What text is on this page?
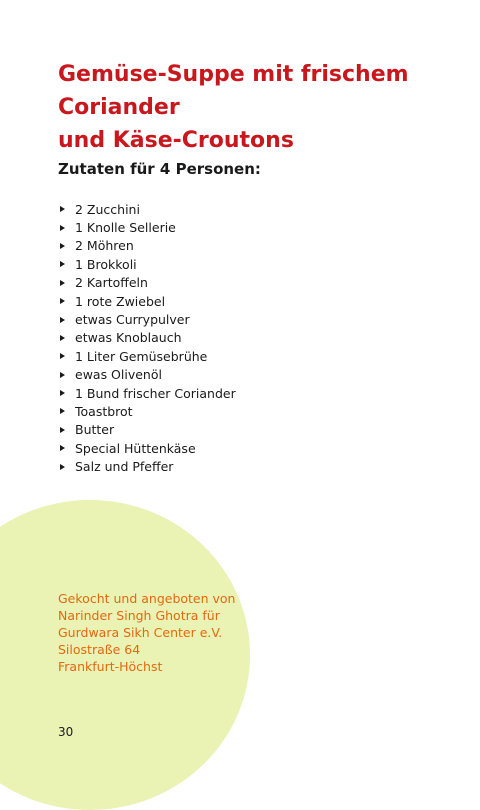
Gemüse-Suppe mit frischem Coriander
und Käse-Croutons
Zutaten für 4 Personen:
2 Zucchini
1 Knolle Sellerie
2 Möhren
1 Brokkoli
2 Kartoffeln
1 rote Zwiebel
etwas Currypulver
etwas Knoblauch
1 Liter Gemüsebrühe
ewas Olivenöl
1 Bund frischer Coriander
Toastbrot
Butter
Special Hüttenkäse
Salz und Pfeffer
Gekocht und angeboten von
Narinder Singh Ghotra für
Gurdwara Sikh Center e.V.
Silostraße 64
Frankfurt-Höchst
30
